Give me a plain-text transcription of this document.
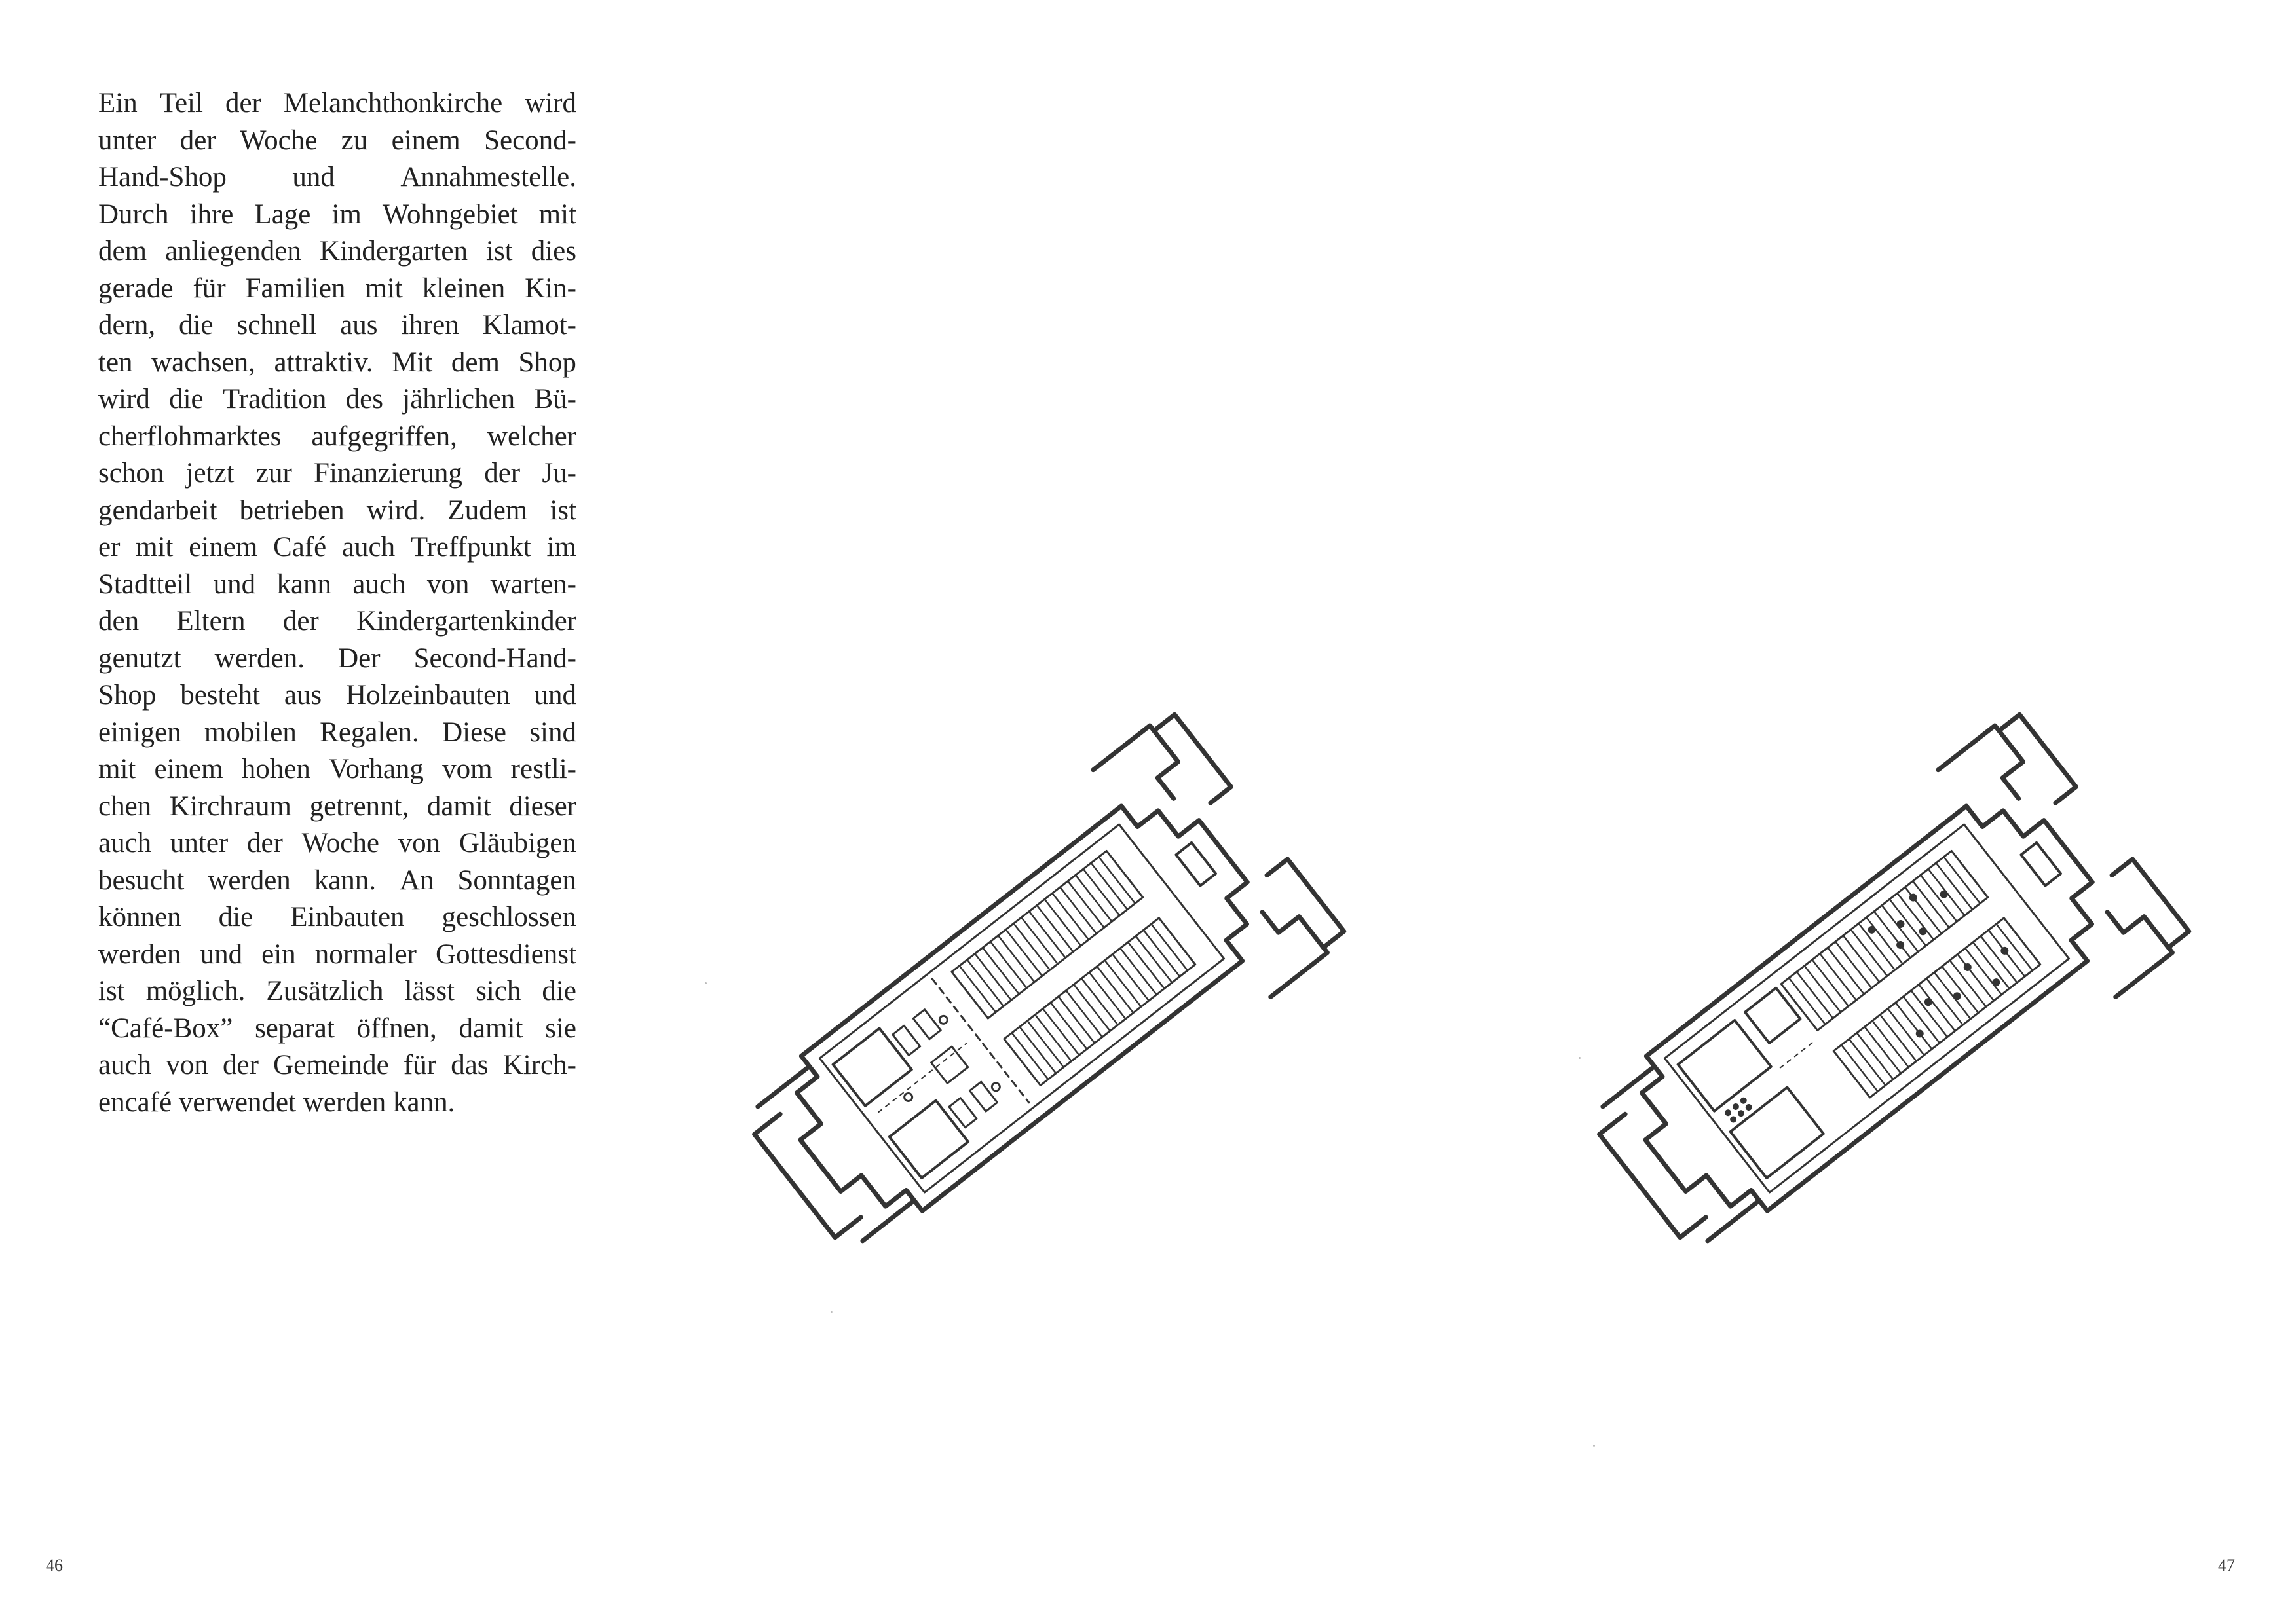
Ein Teil der Melanchthonkirche wird
unter der Woche zu einem Second-
Hand-Shop und Annahmestelle.
Durch ihre Lage im Wohngebiet mit
dem anliegenden Kindergarten ist dies
gerade für Familien mit kleinen Kin-
dern, die schnell aus ihren Klamot-
ten wachsen, attraktiv. Mit dem Shop
wird die Tradition des jährlichen Bü-
cherflohmarktes aufgegriffen, welcher
schon jetzt zur Finanzierung der Ju-
gendarbeit betrieben wird. Zudem ist
er mit einem Café auch Treffpunkt im
Stadtteil und kann auch von warten-
den Eltern der Kindergartenkinder
genutzt werden. Der Second-Hand-
Shop besteht aus Holzeinbauten und
einigen mobilen Regalen. Diese sind
mit einem hohen Vorhang vom restli-
chen Kirchraum getrennt, damit dieser
auch unter der Woche von Gläubigen
besucht werden kann. An Sonntagen
können die Einbauten geschlossen
werden und ein normaler Gottesdienst
ist möglich. Zusätzlich lässt sich die
“Café-Box” separat öffnen, damit sie
auch von der Gemeinde für das Kirch-
encafé verwendet werden kann.
46	47
